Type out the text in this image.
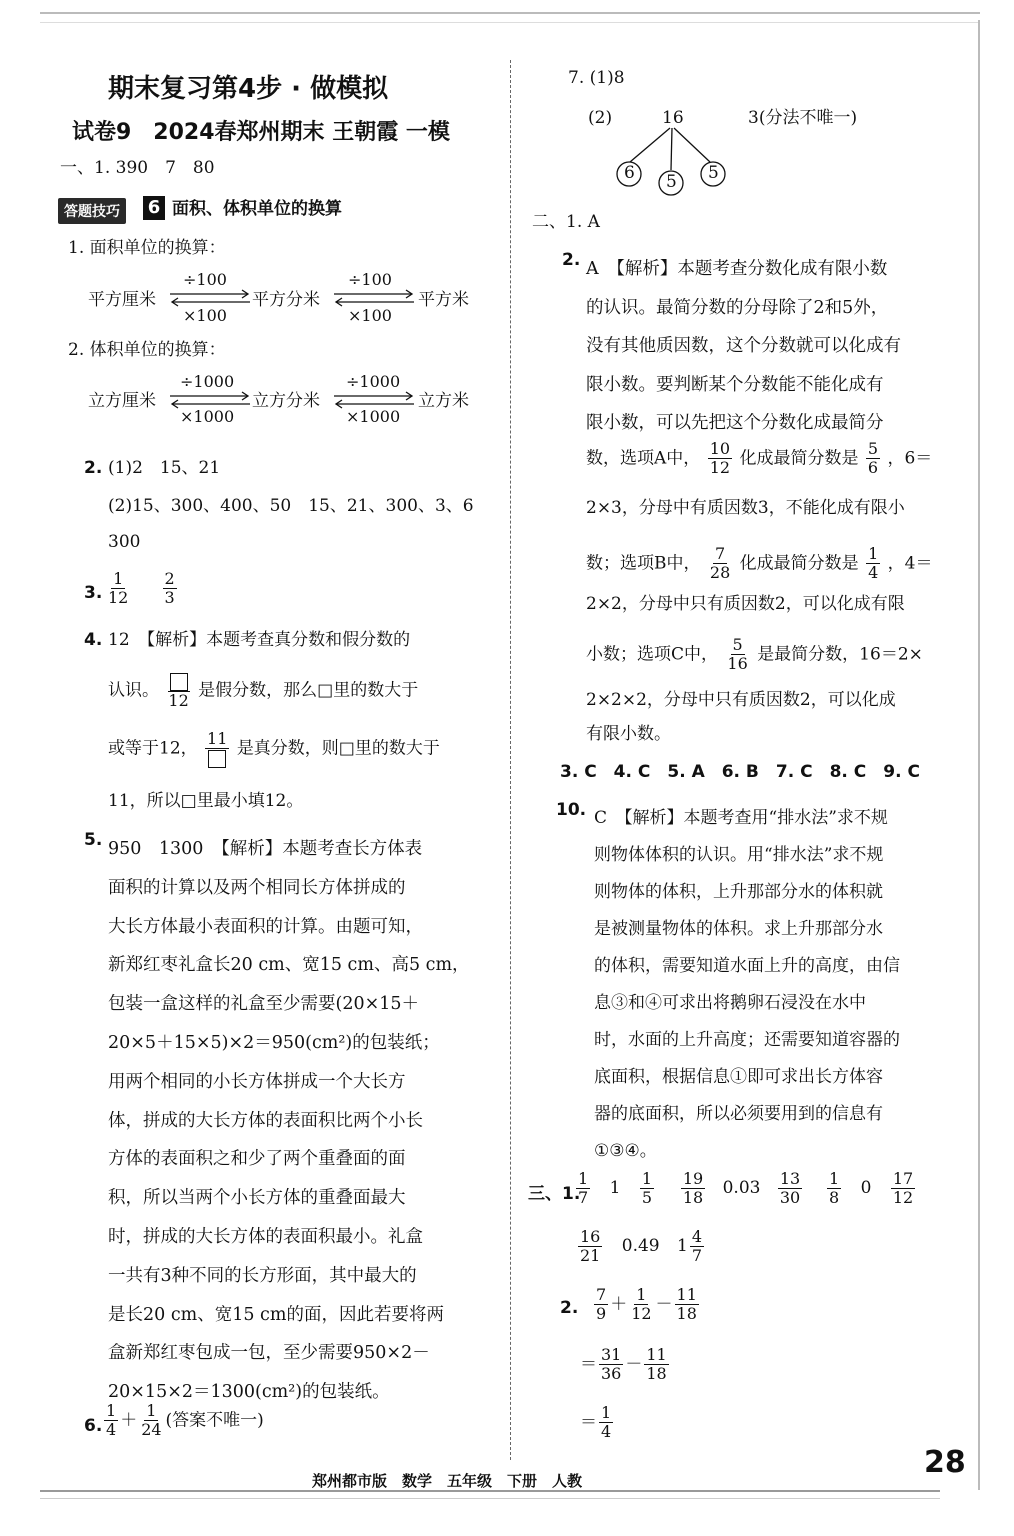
期末复习第4步 · 做模拟
试卷9　2024春郑州期末 王朝霞 一模
一、1. 390　7　80
答题技巧	6 面积、体积单位的换算
1. 面积单位的换算：
平方厘米
÷100
×100
平方分米
÷100
×100
平方米
2. 体积单位的换算：
立方厘米
÷1000
×1000
立方分米
÷1000
×1000
立方米
2. (1)2　15、21
(2)15、300、400、50　15、21、300、3、6
300
3. $\frac{1}{12}$
$\frac{2}{3}$
4. 12　【解析】本题考查真分数和假分数的
认识。 12 是假分数，那么□里的数大于
或等于12， 11 是真分数，则□里的数大于
11，所以□里最小填12。
5. 950　1300　【解析】本题考查长方体表
面积的计算以及两个相同长方体拼成的
大长方体最小表面积的计算。由题可知，
新郑红枣礼盒长20 cm、宽15 cm、高5 cm，
包装一盒这样的礼盒至少需要(20×15＋
20×5＋15×5)×2＝950(cm²)的包装纸；
用两个相同的小长方体拼成一个大长方
体，拼成的大长方体的表面积比两个小长
方体的表面积之和少了两个重叠面的面
积，所以当两个小长方体的重叠面最大
时，拼成的大长方体的表面积最小。礼盒
一共有3种不同的长方形面，其中最大的
是长20 cm、宽15 cm的面，因此若要将两
盒新郑红枣包成一包，至少需要950×2－
20×15×2＝1300(cm²)的包装纸。
6. $\frac{1}{4} + \frac{1}{24}$ (答案不唯一)
7. (1)8
(2)	16
6 5 5
3(分法不唯一)
二、1. A
2. A　【解析】本题考查分数化成有限小数
的认识。最简分数的分母除了2和5外，
没有其他质因数，这个分数就可以化成有
限小数。要判断某个分数能不能化成有
限小数，可以先把这个分数化成最简分
数，选项A中， $\frac{10}{12}$ 化成最简分数是 $\frac{5}{6}$ ，6＝
2×3，分母中有质因数3，不能化成有限小
数；选项B中， $\frac{7}{28}$ 化成最简分数是 $\frac{1}{4}$ ，4＝
2×2，分母中只有质因数2，可以化成有限
小数；选项C中， $\frac{5}{16}$ 是最简分数，16＝2×
2×2×2，分母中只有质因数2，可以化成
有限小数。
3. C　4. C　5. A　6. B　7. C　8. C　9. C
10. C　【解析】本题考查用“排水法”求不规
则物体体积的认识。用“排水法”求不规
则物体的体积，上升那部分水的体积就
是被测量物体的体积。求上升那部分水
的体积，需要知道水面上升的高度，由信
息③和④可求出将鹅卵石浸没在水中
时，水面的上升高度；还需要知道容器的
底面积，根据信息①即可求出长方体容
器的底面积，所以必须要用到的信息有
①③④。
三、1.
$\frac{1}{7} 1 \frac{1}{5}$
$\frac{19}{18} 0.03 \frac{13}{30}$
$\frac{1}{8} 0 \frac{17}{12}$
$\frac{16}{21} 0.49$ $1 \frac{4}{7}$
2. $\frac{7}{9} + \frac{1}{12} - \frac{11}{18}$
＝ $\frac{31}{36} - \frac{11}{18}$
＝ $\frac{1}{4}$
郑州都市版　数学　五年级　下册　人教
28
